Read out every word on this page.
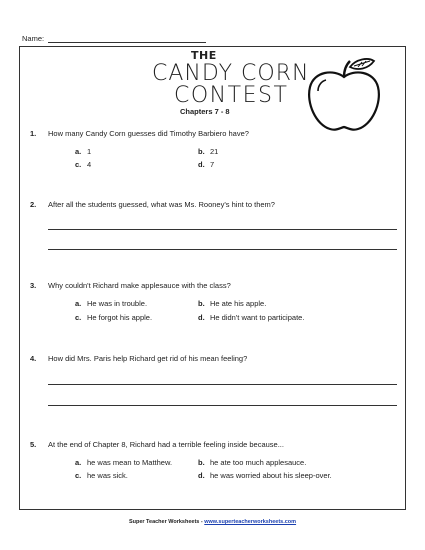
Name:
THE
CANDY CORN
CONTEST
Chapters 7 - 8
1. How many Candy Corn guesses did Timothy Barbiero have?
a. 1	b. 21
c. 4	d. 7
2. After all the students guessed, what was Ms. Rooney's hint to them?
3. Why couldn't Richard make applesauce with the class?
a. He was in trouble.	b. He ate his apple.
c. He forgot his apple.	d. He didn't want to participate.
4. How did Mrs. Paris help Richard get rid of his mean feeling?
5. At the end of Chapter 8, Richard had a terrible feeling inside because...
a. he was mean to Matthew.	b. he ate too much applesauce.
c. he was sick.	d. he was worried about his sleep-over.
Super Teacher Worksheets - www.superteacherworksheets.com
